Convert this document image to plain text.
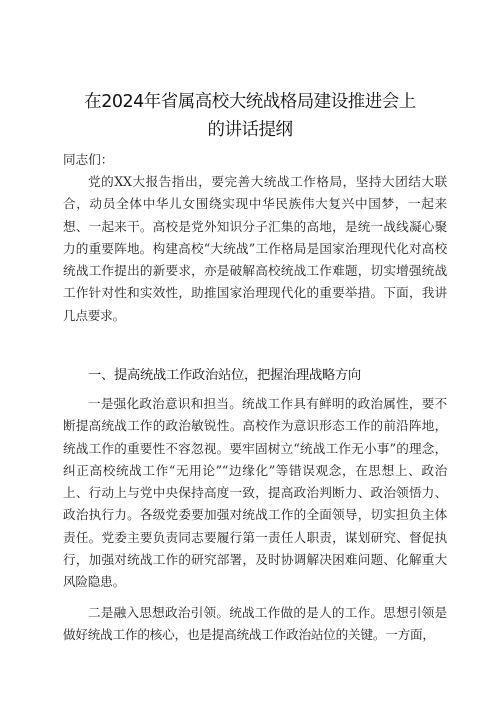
在2024年省属高校大统战格局建设推进会上
的讲话提纲
同志们：

党的XX大报告指出，要完善大统战工作格局，坚持大团结大联合，动员全体中华儿女围绕实现中华民族伟大复兴中国梦，一起来想、一起来干。高校是党外知识分子汇集的高地，是统一战线凝心聚力的重要阵地。构建高校“大统战”工作格局是国家治理现代化对高校统战工作提出的新要求，亦是破解高校统战工作难题，切实增强统战工作针对性和实效性，助推国家治理现代化的重要举措。下面，我讲几点要求。

一、提高统战工作政治站位，把握治理战略方向

一是强化政治意识和担当。统战工作具有鲜明的政治属性，要不断提高统战工作的政治敏锐性。高校作为意识形态工作的前沿阵地，统战工作的重要性不容忽视。要牢固树立“统战工作无小事”的理念，纠正高校统战工作“无用论”“边缘化”等错误观念，在思想上、政治上、行动上与党中央保持高度一致，提高政治判断力、政治领悟力、政治执行力。各级党委要加强对统战工作的全面领导，切实担负主体责任。党委主要负责同志要履行第一责任人职责，谋划研究、督促执行，加强对统战工作的研究部署，及时协调解决困难问题、化解重大风险隐患。

二是融入思想政治引领。统战工作做的是人的工作。思想引领是做好统战工作的核心，也是提高统战工作政治站位的关键。一方面，
